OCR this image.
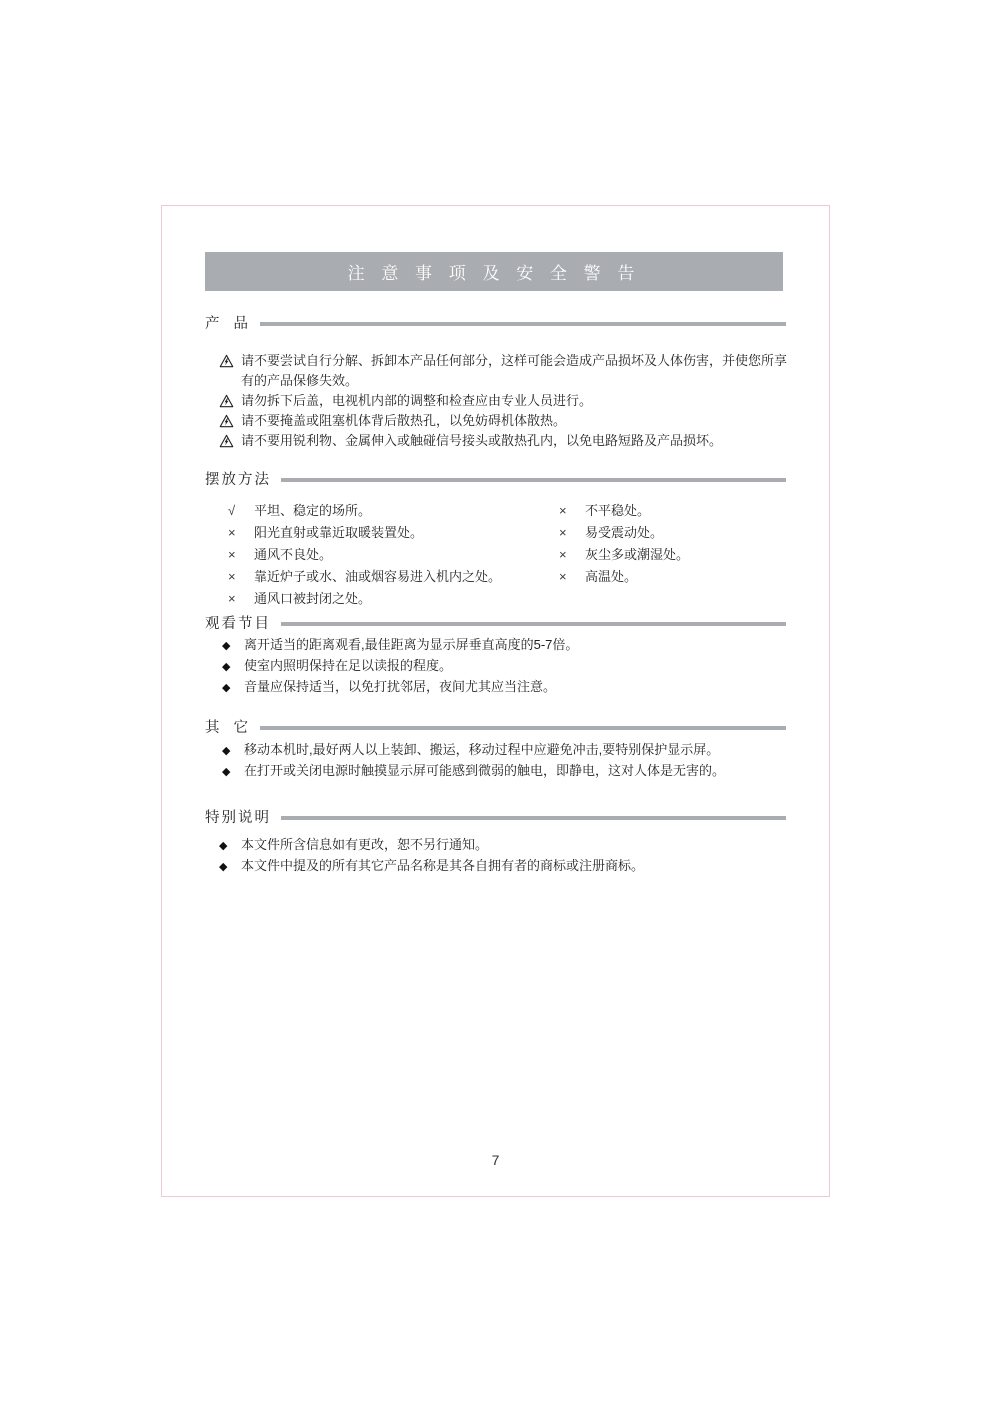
注 意 事 项 及 安 全 警 告
产  品
请不要尝试自行分解、拆卸本产品任何部分，这样可能会造成产品损坏及人体伤害，并使您所享有的产品保修失效。
请勿拆下后盖，电视机内部的调整和检查应由专业人员进行。
请不要掩盖或阻塞机体背后散热孔，以免妨碍机体散热。
请不要用锐利物、金属伸入或触碰信号接头或散热孔内，以免电路短路及产品损坏。
摆放方法
√	平坦、稳定的场所。
×	阳光直射或靠近取暖装置处。
×	通风不良处。
×	靠近炉子或水、油或烟容易进入机内之处。
×	通风口被封闭之处。
×	不平稳处。
×	易受震动处。
×	灰尘多或潮湿处。
×	高温处。
观看节目
◆	离开适当的距离观看,最佳距离为显示屏垂直高度的5-7倍。
◆	使室内照明保持在足以读报的程度。
◆	音量应保持适当，以免打扰邻居，夜间尤其应当注意。
其  它
◆	移动本机时,最好两人以上装卸、搬运，移动过程中应避免冲击,要特别保护显示屏。
◆	在打开或关闭电源时触摸显示屏可能感到微弱的触电，即静电，这对人体是无害的。
特别说明
◆	本文件所含信息如有更改，恕不另行通知。
◆	本文件中提及的所有其它产品名称是其各自拥有者的商标或注册商标。
7
